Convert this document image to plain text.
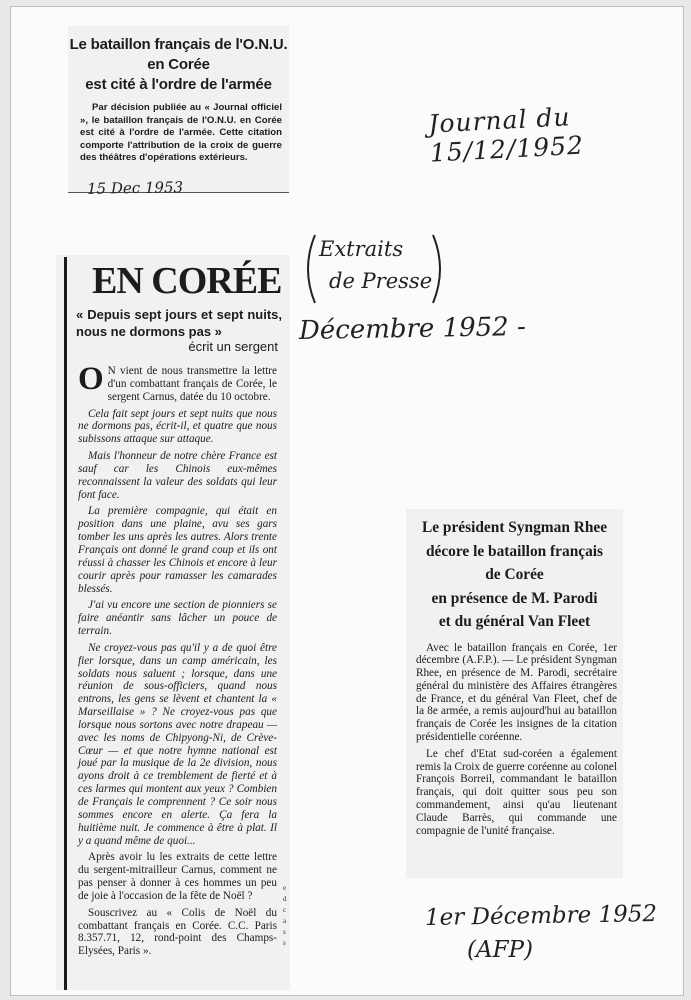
Le bataillon français de l'O.N.U.
en Corée
est cité à l'ordre de l'armée
Par décision publiée au « Journal officiel », le bataillon français de l'O.N.U. en Corée est cité à l'ordre de l'armée. Cette citation comporte l'attribution de la croix de guerre des théâtres d'opérations extérieurs.
15 Dec 1953
Journal du 15/12/1952
Extraits
de Presse
Décembre 1952 -
EN CORÉE
« Depuis sept jours et sept nuits, nous ne dormons pas »
écrit un sergent

O N vient de nous transmettre la lettre d'un combattant français de Corée, le sergent Carnus, datée du 10 octobre.

Cela fait sept jours et sept nuits que nous ne dormons pas, écrit-il, et quatre que nous subissons attaque sur attaque.

Mais l'honneur de notre chère France est sauf car les Chinois eux-mêmes reconnaissent la valeur des soldats qui leur font face.

La première compagnie, qui était en position dans une plaine, avu ses gars tomber les uns après les autres. Alors trente Français ont donné le grand coup et ils ont réussi à chasser les Chinois et encore à leur courir après pour ramasser les camarades blessés.

J'ai vu encore une section de pionniers se faire anéantir sans lâcher un pouce de terrain.

Ne croyez-vous pas qu'il y a de quoi être fier lorsque, dans un camp américain, les soldats nous saluent ; lorsque, dans une réunion de sous-officiers, quand nous entrons, les gens se lèvent et chantent la « Marseillaise » ? Ne croyez-vous pas que lorsque nous sortons avec notre drapeau — avec les noms de Chipyong-Ni, de Crève-Cœur — et que notre hymne national est joué par la musique de la 2e division, nous ayons droit à ce tremblement de fierté et à ces larmes qui montent aux yeux ? Combien de Français le comprennent ? Ce soir nous sommes encore en alerte. Ça fera la huitième nuit. Je commence à être à plat. Il y a quand même de quoi...

Après avoir lu les extraits de cette lettre du sergent-mitrailleur Carnus, comment ne pas penser à donner à ces hommes un peu de joie à l'occasion de la fête de Noël ?

Souscrivez au « Colis de Noël du combattant français en Corée. C.C. Paris 8.357.71, 12, rond-point des Champs-Elysées, Paris ».

e d c a s s
Le président Syngman Rhee
décore le bataillon français
de Corée
en présence de M. Parodi
et du général Van Fleet

Avec le bataillon français en Corée, 1er décembre (A.F.P.). — Le président Syngman Rhee, en présence de M. Parodi, secrétaire général du ministère des Affaires étrangères de France, et du général Van Fleet, chef de la 8e armée, a remis aujourd'hui au bataillon français de Corée les insignes de la citation présidentielle coréenne.

Le chef d'Etat sud-coréen a également remis la Croix de guerre coréenne au colonel François Borreil, commandant le bataillon français, qui doit quitter sous peu son commandement, ainsi qu'au lieutenant Claude Barrès, qui commande une compagnie de l'unité française.

1er Décembre 1952
(AFP)
